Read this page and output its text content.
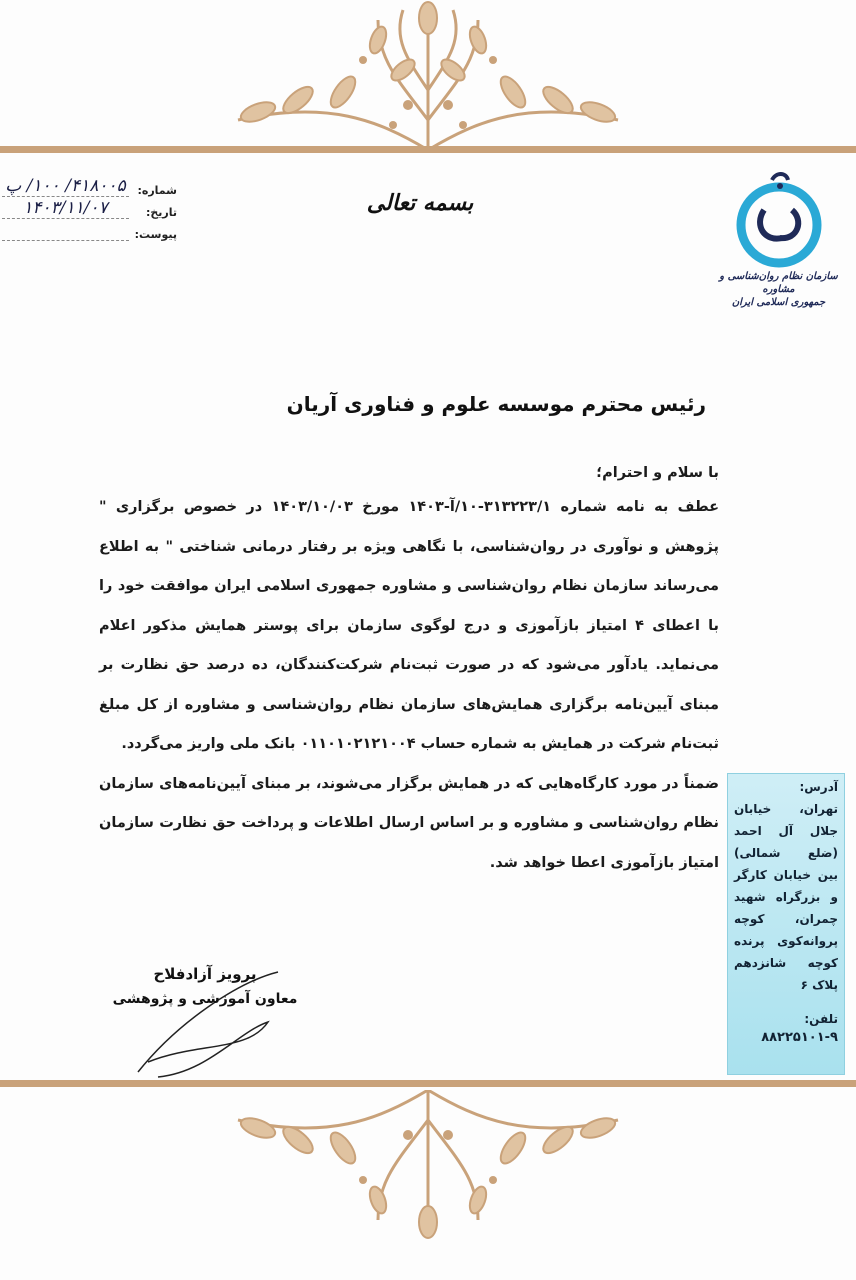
شماره:
۴۱۸۰۰۵/ ۱۰۰/ پ
تاریخ:
۱۴۰۳/۱۱/۰۷
پیوست:
بسمه تعالی
سازمان نظام روان‌شناسی و مشاوره
جمهوری اسلامی ایران
رئیس محترم موسسه علوم و فناوری آریان
با سلام و احترام؛

عطف به نامه شماره ۳۱۳۲۲۳/۱-۱۰/آ-۱۴۰۳ مورخ ۱۴۰۳/۱۰/۰۳ در خصوص برگزاری " پژوهش و نوآوری در روان‌شناسی، با نگاهی ویژه بر رفتار درمانی شناختی " به اطلاع می‌رساند سازمان نظام روان‌شناسی و مشاوره جمهوری اسلامی ایران موافقت خود را با اعطای ۴ امتیاز بازآموزی و درج لوگوی سازمان برای پوستر همایش مذکور اعلام می‌نماید. یادآور می‌شود که در صورت ثبت‌نام شرکت‌کنندگان، ده درصد حق نظارت بر مبنای آیین‌نامه برگزاری همایش‌های سازمان نظام روان‌شناسی و مشاوره از کل مبلغ ثبت‌نام شرکت در همایش به شماره حساب ۰۱۱۰۱۰۲۱۲۱۰۰۴ بانک ملی واریز می‌گردد.

ضمناً در مورد کارگاه‌هایی که در همایش برگزار می‌شوند، بر مبنای آیین‌نامه‌های سازمان نظام روان‌شناسی و مشاوره و بر اساس ارسال اطلاعات و پرداخت حق نظارت سازمان امتیاز بازآموزی اعطا خواهد شد.

پرویز آزادفلاح
معاون آموزشی و پژوهشی
آدرس:
تهران، خیابان جلال آل احمد (ضلع شمالی) بین خیابان کارگر و بزرگراه شهید چمران، کوچه پروانه‌کوی پرنده کوچه شانزدهم پلاک ۶
تلفن:
۸۸۲۲۵۱۰۱-۹
